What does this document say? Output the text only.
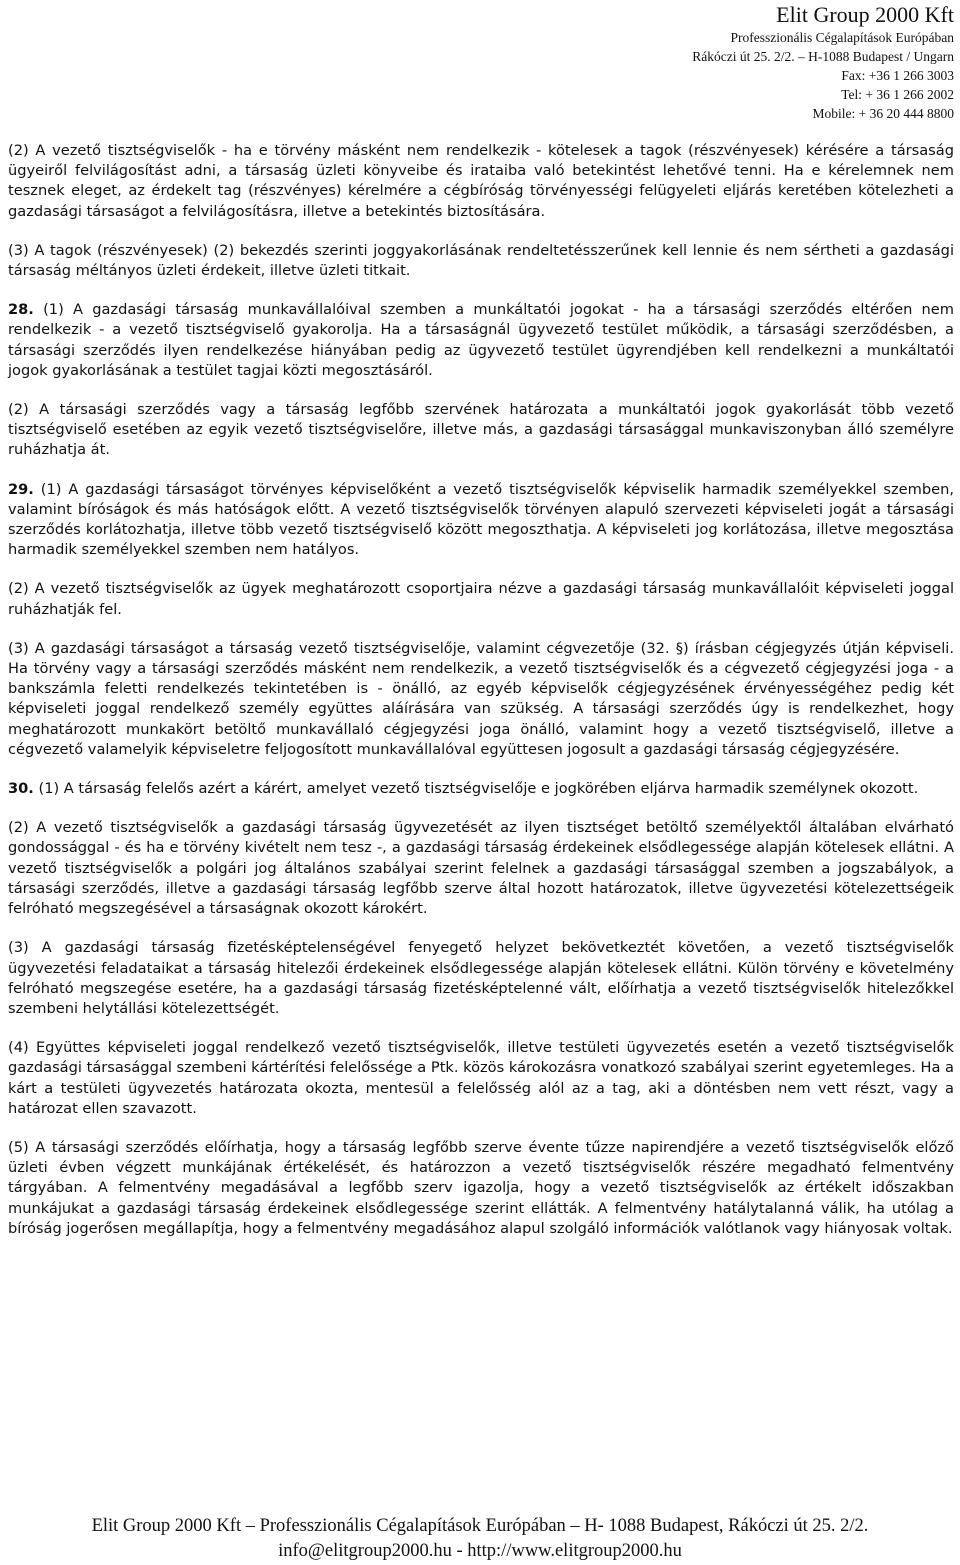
Elit Group 2000 Kft
Professzionális Cégalapítások Európában
Rákóczi út 25. 2/2. – H-1088 Budapest / Ungarn
Fax: +36 1 266 3003
Tel: + 36 1 266 2002
Mobile: + 36 20 444 8800

(2) A vezető tisztségviselők - ha e törvény másként nem rendelkezik - kötelesek a tagok (részvényesek) kérésére a társaság ügyeiről felvilágosítást adni, a társaság üzleti könyveibe és irataiba való betekintést lehetővé tenni. Ha e kérelemnek nem tesznek eleget, az érdekelt tag (részvényes) kérelmére a cégbíróság törvényességi felügyeleti eljárás keretében kötelezheti a gazdasági társaságot a felvilágosításra, illetve a betekintés biztosítására.

(3) A tagok (részvényesek) (2) bekezdés szerinti joggyakorlásának rendeltetésszerűnek kell lennie és nem sértheti a gazdasági társaság méltányos üzleti érdekeit, illetve üzleti titkait.

28. (1) A gazdasági társaság munkavállalóival szemben a munkáltatói jogokat - ha a társasági szerződés eltérően nem rendelkezik - a vezető tisztségviselő gyakorolja. Ha a társaságnál ügyvezető testület működik, a társasági szerződésben, a társasági szerződés ilyen rendelkezése hiányában pedig az ügyvezető testület ügyrendjében kell rendelkezni a munkáltatói jogok gyakorlásának a testület tagjai közti megosztásáról.

(2) A társasági szerződés vagy a társaság legfőbb szervének határozata a munkáltatói jogok gyakorlását több vezető tisztségviselő esetében az egyik vezető tisztségviselőre, illetve más, a gazdasági társasággal munkaviszonyban álló személyre ruházhatja át.

29. (1) A gazdasági társaságot törvényes képviselőként a vezető tisztségviselők képviselik harmadik személyekkel szemben, valamint bíróságok és más hatóságok előtt. A vezető tisztségviselők törvényen alapuló szervezeti képviseleti jogát a társasági szerződés korlátozhatja, illetve több vezető tisztségviselő között megoszthatja. A képviseleti jog korlátozása, illetve megosztása harmadik személyekkel szemben nem hatályos.

(2) A vezető tisztségviselők az ügyek meghatározott csoportjaira nézve a gazdasági társaság munkavállalóit képviseleti joggal ruházhatják fel.

(3) A gazdasági társaságot a társaság vezető tisztségviselője, valamint cégvezetője (32. §) írásban cégjegyzés útján képviseli. Ha törvény vagy a társasági szerződés másként nem rendelkezik, a vezető tisztségviselők és a cégvezető cégjegyzési joga - a bankszámla feletti rendelkezés tekintetében is - önálló, az egyéb képviselők cégjegyzésének érvényességéhez pedig két képviseleti joggal rendelkező személy együttes aláírására van szükség. A társasági szerződés úgy is rendelkezhet, hogy meghatározott munkakört betöltő munkavállaló cégjegyzési joga önálló, valamint hogy a vezető tisztségviselő, illetve a cégvezető valamelyik képviseletre feljogosított munkavállalóval együttesen jogosult a gazdasági társaság cégjegyzésére.

30. (1) A társaság felelős azért a kárért, amelyet vezető tisztségviselője e jogkörében eljárva harmadik személynek okozott.

(2) A vezető tisztségviselők a gazdasági társaság ügyvezetését az ilyen tisztséget betöltő személyektől általában elvárható gondossággal - és ha e törvény kivételt nem tesz -, a gazdasági társaság érdekeinek elsődlegessége alapján kötelesek ellátni. A vezető tisztségviselők a polgári jog általános szabályai szerint felelnek a gazdasági társasággal szemben a jogszabályok, a társasági szerződés, illetve a gazdasági társaság legfőbb szerve által hozott határozatok, illetve ügyvezetési kötelezettségeik felróható megszegésével a társaságnak okozott károkért.

(3) A gazdasági társaság fizetésképtelenségével fenyegető helyzet bekövetkeztét követően, a vezető tisztségviselők ügyvezetési feladataikat a társaság hitelezői érdekeinek elsődlegessége alapján kötelesek ellátni. Külön törvény e követelmény felróható megszegése esetére, ha a gazdasági társaság fizetésképtelenné vált, előírhatja a vezető tisztségviselők hitelezőkkel szembeni helytállási kötelezettségét.

(4) Együttes képviseleti joggal rendelkező vezető tisztségviselők, illetve testületi ügyvezetés esetén a vezető tisztségviselők gazdasági társasággal szembeni kártérítési felelőssége a Ptk. közös károkozásra vonatkozó szabályai szerint egyetemleges. Ha a kárt a testületi ügyvezetés határozata okozta, mentesül a felelősség alól az a tag, aki a döntésben nem vett részt, vagy a határozat ellen szavazott.

(5) A társasági szerződés előírhatja, hogy a társaság legfőbb szerve évente tűzze napirendjére a vezető tisztségviselők előző üzleti évben végzett munkájának értékelését, és határozzon a vezető tisztségviselők részére megadható felmentvény tárgyában. A felmentvény megadásával a legfőbb szerv igazolja, hogy a vezető tisztségviselők az értékelt időszakban munkájukat a gazdasági társaság érdekeinek elsődlegessége szerint ellátták. A felmentvény hatálytalanná válik, ha utólag a bíróság jogerősen megállapítja, hogy a felmentvény megadásához alapul szolgáló információk valótlanok vagy hiányosak voltak.

Elit Group 2000 Kft – Professzionális Cégalapítások Európában – H- 1088 Budapest, Rákóczi út 25. 2/2.
info@elitgroup2000.hu - http://www.elitgroup2000.hu
